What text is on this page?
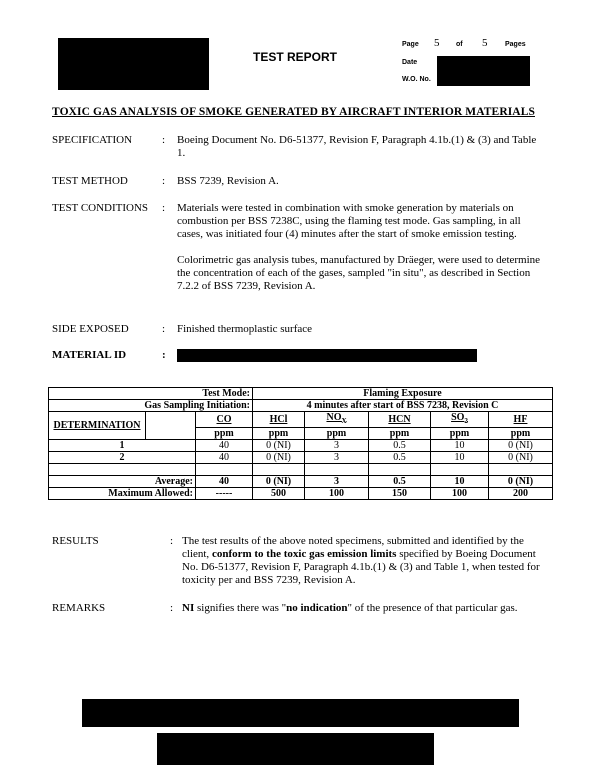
TEST REPORT
Page 5 of 5	Pages
Date
W.O. No.
TOXIC GAS ANALYSIS OF SMOKE GENERATED BY AIRCRAFT INTERIOR MATERIALS
SPECIFICATION	: Boeing Document No. D6-51377, Revision F, Paragraph 4.1b.(1) & (3) and Table 1.
TEST METHOD	: BSS 7239, Revision A.
TEST CONDITIONS : Materials were tested in combination with smoke generation by materials on combustion per BSS 7238C, using the flaming test mode. Gas sampling, in all cases, was initiated four (4) minutes after the start of smoke emission testing.

Colorimetric gas analysis tubes, manufactured by Dräeger, were used to determine the concentration of each of the gases, sampled "in situ", as described in Section 7.2.2 of BSS 7239, Revision A.

SIDE EXPOSED	: Finished thermoplastic surface
MATERIAL ID	:
Test Mode:			Flaming Exposure				
Gas Sampling Initiation:			4 minutes after start of BSS 7238, Revision C				
DETERMINATION		CO	HCl	$NO_X$	HCN	$SO_2$	HF
		ppm	ppm	ppm	ppm	ppm	ppm
1		40	0 (NI)	3	0.5	10	0 (NI)
2		40	0 (NI)	3	0.5	10	0 (NI)

Average:		40	0 (NI)	3	0.5	10	0 (NI)
Maximum Allowed:		-----	500	100	150	100	200
RESULTS	: The test results of the above noted specimens, submitted and identified by the client, conform to the toxic gas emission limits specified by Boeing Document No. D6-51377, Revision F, Paragraph 4.1b.(1) & (3) and Table 1, when tested for toxicity per and BSS 7239, Revision A.
REMARKS	: NI signifies there was "no indication" of the presence of that particular gas.
